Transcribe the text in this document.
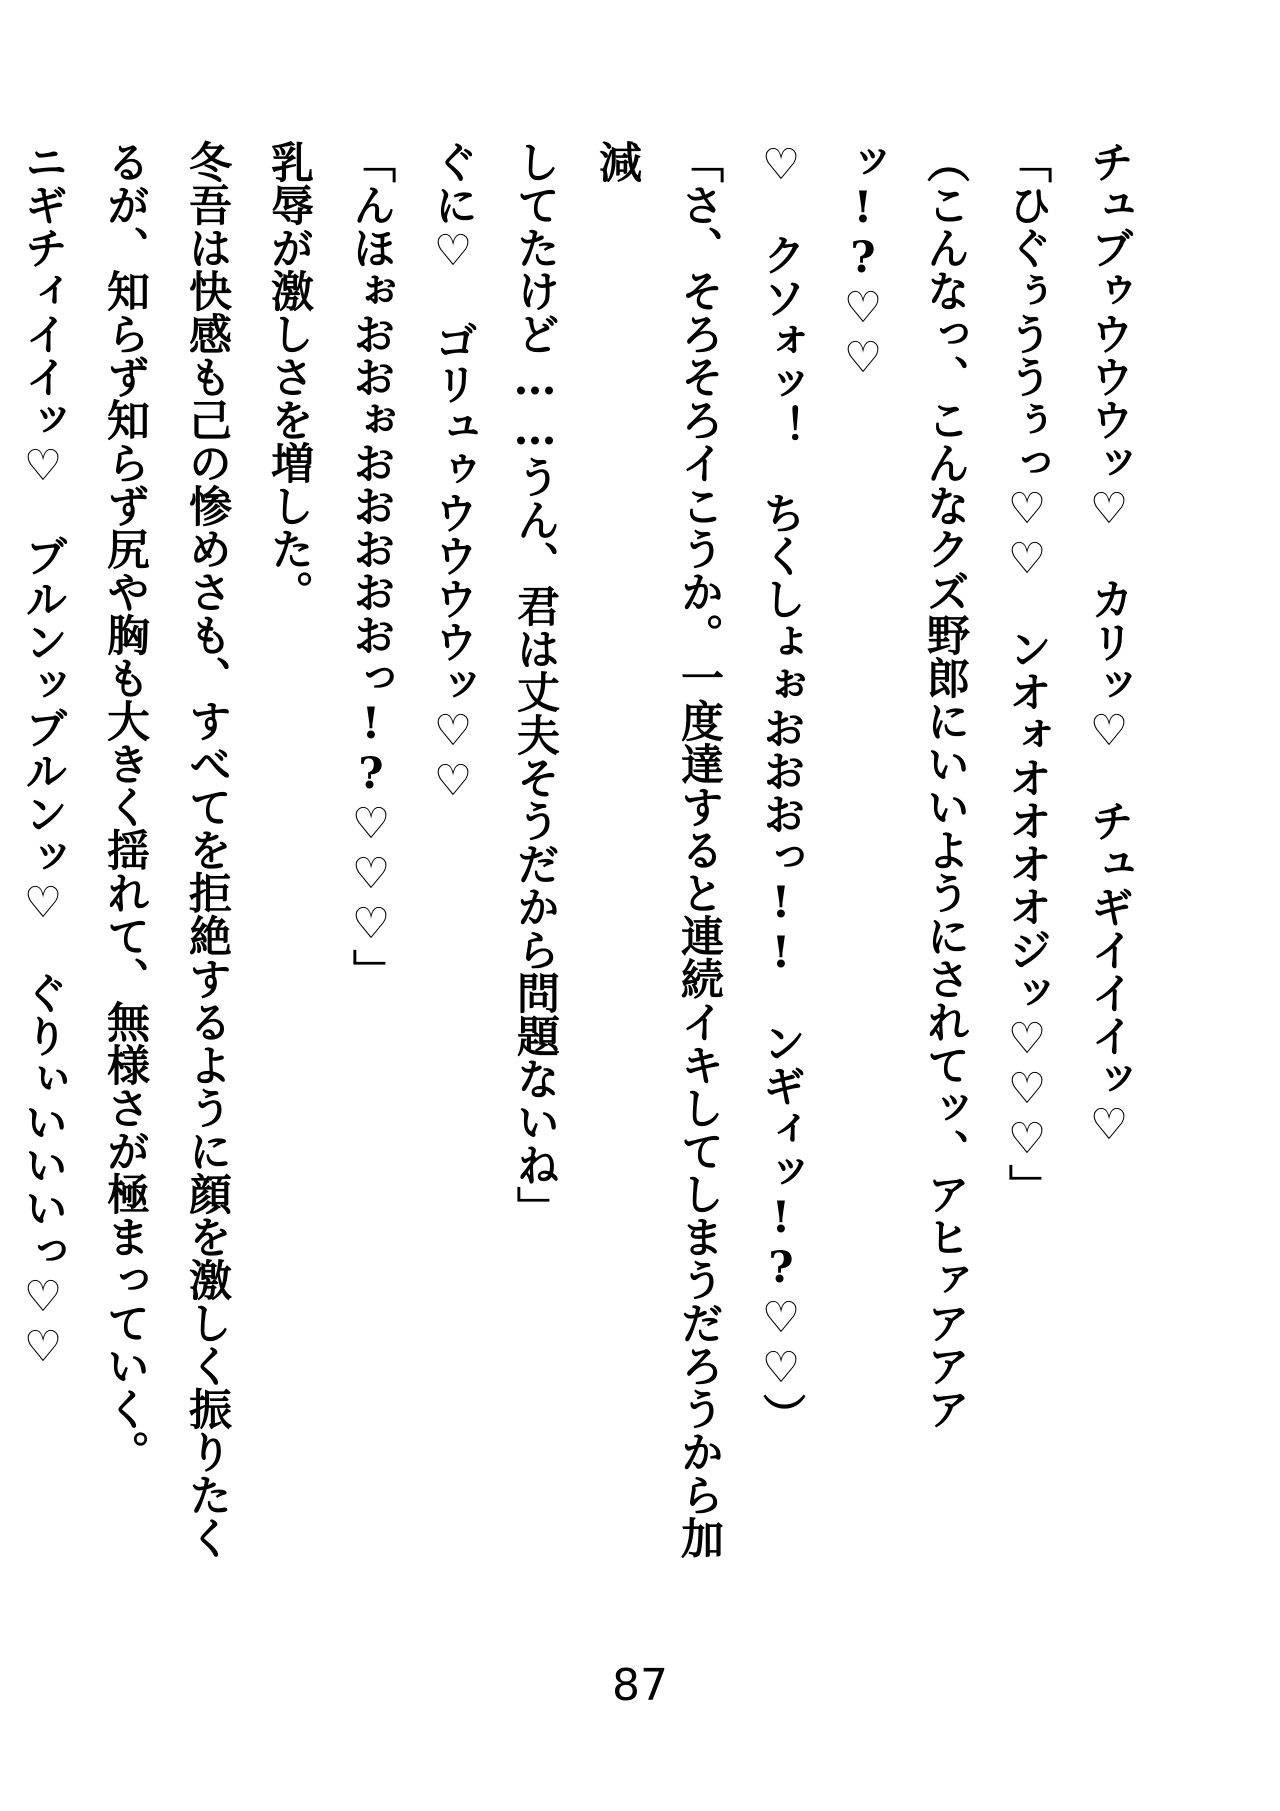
チュブゥウウウッ♡　カリッ♡　チュギイイイッ♡
「ひぐぅううぅっ♡♡　ンオォオオオオジッ♡♡♡」
（こんなっ、こんなクズ野郎にいいようにされてッ、アヒァアアアッ!?♡♡
♡　クソォッ！　ちくしょぉおおおっ!!　ンギィッ!?♡♡）
「さ、そろそろイこうか。一度達すると連続イキしてしまうだろうから加減
してたけど……うん、君は丈夫そうだから問題ないね」
ぐに♡　ゴリュゥウウウウッ♡♡
「んほぉおおぉおおおおおっ!?♡♡♡」
乳辱が激しさを増した。
冬吾は快感も己の惨めさも、すべてを拒絶するように顔を激しく振りたく
るが、知らず知らず尻や胸も大きく揺れて、無様さが極まっていく。
ニギチィイイッ♡　ブルンッブルンッ♡　ぐりぃいいいっ♡♡
87
